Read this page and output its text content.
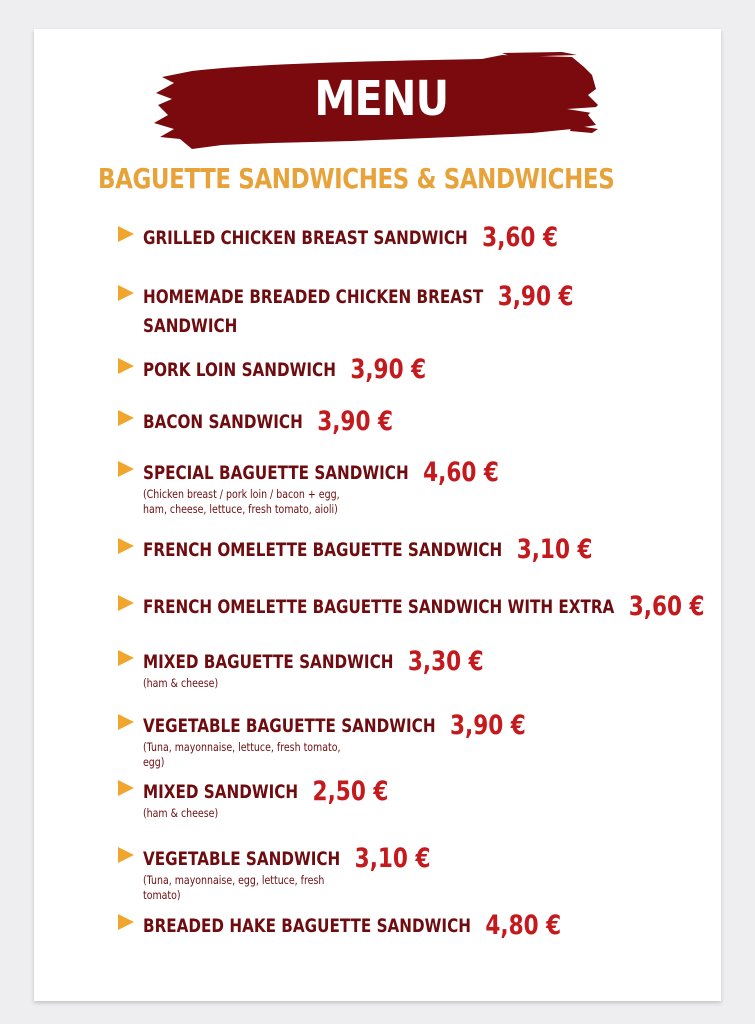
MENU
BAGUETTE SANDWICHES & SANDWICHES
GRILLED CHICKEN BREAST SANDWICH 3,60 €
HOMEMADE BREADED CHICKEN BREAST 3,90 €
SANDWICH
PORK LOIN SANDWICH 3,90 €
BACON SANDWICH 3,90 €
SPECIAL BAGUETTE SANDWICH 4,60 €
(Chicken breast / pork loin / bacon + egg, ham, cheese, lettuce, fresh tomato, aioli)
FRENCH OMELETTE BAGUETTE SANDWICH 3,10 €
FRENCH OMELETTE BAGUETTE SANDWICH WITH EXTRA 3,60 €
MIXED BAGUETTE SANDWICH 3,30 €
(ham & cheese)
VEGETABLE BAGUETTE SANDWICH 3,90 €
(Tuna, mayonnaise, lettuce, fresh tomato, egg)
MIXED SANDWICH 2,50 €
(ham & cheese)
VEGETABLE SANDWICH 3,10 €
(Tuna, mayonnaise, egg, lettuce, fresh tomato)
BREADED HAKE BAGUETTE SANDWICH 4,80 €
